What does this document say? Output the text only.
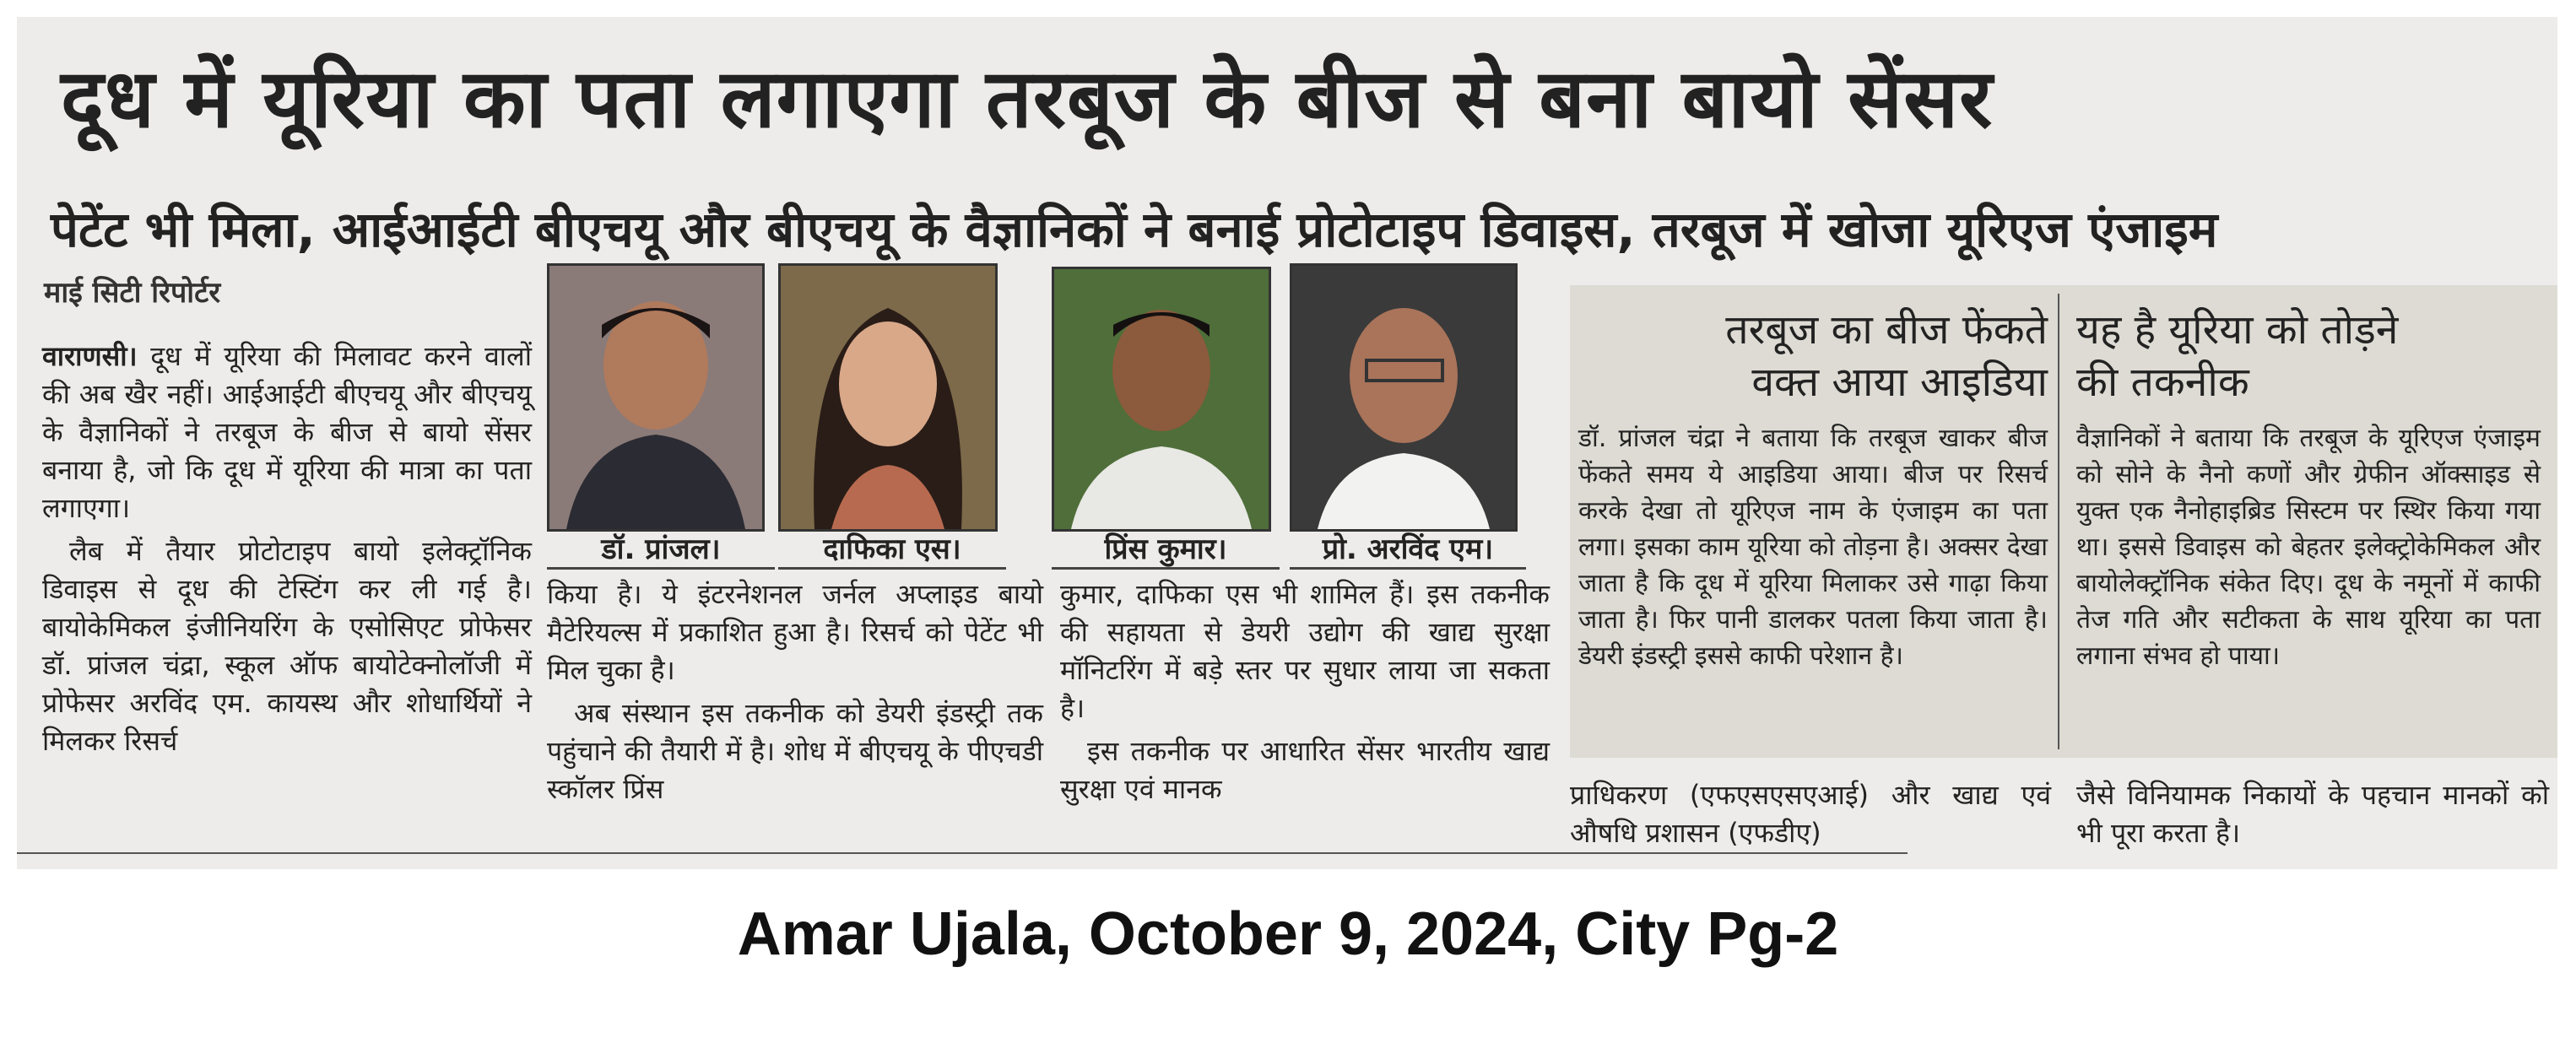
दूध में यूरिया का पता लगाएगा तरबूज के बीज से बना बायो सेंसर
पेटेंट भी मिला, आईआईटी बीएचयू और बीएचयू के वैज्ञानिकों ने बनाई प्रोटोटाइप डिवाइस, तरबूज में खोजा यूरिएज एंजाइम
माई सिटी रिपोर्टर

वाराणसी। दूध में यूरिया की मिलावट करने वालों की अब खैर नहीं। आईआईटी बीएचयू और बीएचयू के वैज्ञानिकों ने तरबूज के बीज से बायो सेंसर बनाया है, जो कि दूध में यूरिया की मात्रा का पता लगाएगा।

लैब में तैयार प्रोटोटाइप बायो इलेक्ट्रॉनिक डिवाइस से दूध की टेस्टिंग कर ली गई है। बायोकेमिकल इंजीनियरिंग के एसोसिएट प्रोफेसर डॉ. प्रांजल चंद्रा, स्कूल ऑफ बायोटेक्नोलॉजी में प्रोफेसर अरविंद एम. कायस्थ और शोधार्थियों ने मिलकर रिसर्च

डॉ. प्रांजल।	दाफिका एस।	प्रिंस कुमार।	प्रो. अरविंद एम।

किया है। ये इंटरनेशनल जर्नल अप्लाइड बायो मैटेरियल्स में प्रकाशित हुआ है। रिसर्च को पेटेंट भी मिल चुका है।

अब संस्थान इस तकनीक को डेयरी इंडस्ट्री तक पहुंचाने की तैयारी में है। शोध में बीएचयू के पीएचडी स्कॉलर प्रिंस

कुमार, दाफिका एस भी शामिल हैं। इस तकनीक की सहायता से डेयरी उद्योग की खाद्य सुरक्षा मॉनिटरिंग में बड़े स्तर पर सुधार लाया जा सकता है।

इस तकनीक पर आधारित सेंसर भारतीय खाद्य सुरक्षा एवं मानक

तरबूज का बीज फेंकते
वक्त आया आइडिया
डॉ. प्रांजल चंद्रा ने बताया कि तरबूज खाकर बीज फेंकते समय ये आइडिया आया। बीज पर रिसर्च करके देखा तो यूरिएज नाम के एंजाइम का पता लगा। इसका काम यूरिया को तोड़ना है। अक्सर देखा जाता है कि दूध में यूरिया मिलाकर उसे गाढ़ा किया जाता है। फिर पानी डालकर पतला किया जाता है। डेयरी इंडस्ट्री इससे काफी परेशान है।
यह है यूरिया को तोड़ने
की तकनीक
वैज्ञानिकों ने बताया कि तरबूज के यूरिएज एंजाइम को सोने के नैनो कणों और ग्रेफीन ऑक्साइड से युक्त एक नैनोहाइब्रिड सिस्टम पर स्थिर किया गया था। इससे डिवाइस को बेहतर इलेक्ट्रोकेमिकल और बायोलेक्ट्रॉनिक संकेत दिए। दूध के नमूनों में काफी तेज गति और सटीकता के साथ यूरिया का पता लगाना संभव हो पाया।
प्राधिकरण (एफएसएसएआई) और खाद्य एवं औषधि प्रशासन (एफडीए)
जैसे विनियामक निकायों के पहचान मानकों को भी पूरा करता है।
Amar Ujala, October 9, 2024, City Pg-2
